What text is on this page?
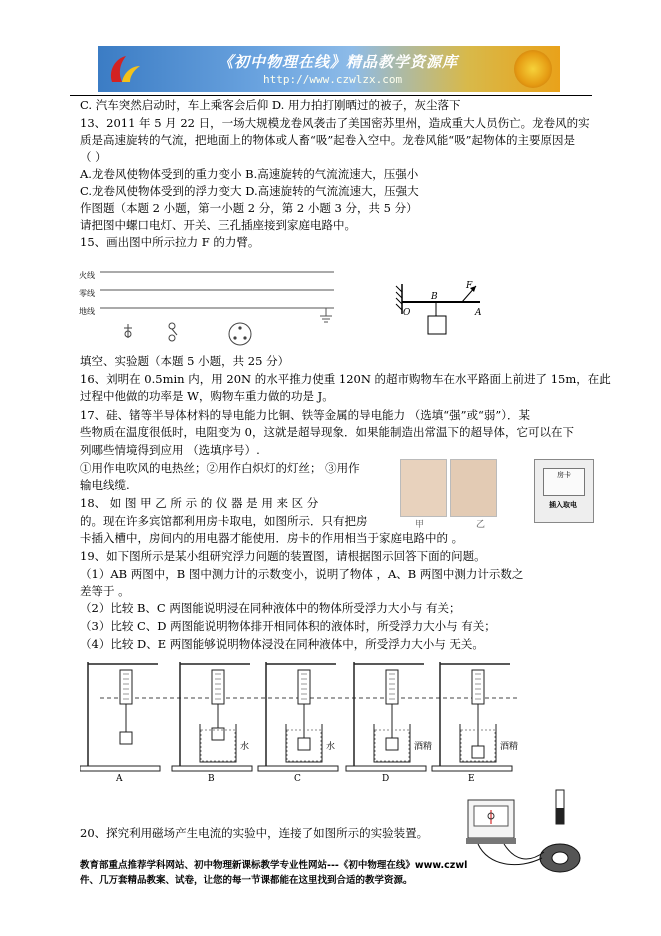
《初中物理在线》精品教学资源库
http://www.czwlzx.com
C. 汽车突然启动时，车上乘客会后仰 D. 用力拍打刚晒过的被子，灰尘落下
13、2011 年 5 月 22 日，一场大规模龙卷风袭击了美国密苏里州，造成重大人员伤亡。龙卷风的实
质是高速旋转的气流，把地面上的物体或人畜“吸”起卷入空中。龙卷风能“吸”起物体的主要原因是
（ ）
A.龙卷风使物体受到的重力变小 B.高速旋转的气流流速大，压强小
C.龙卷风使物体受到的浮力变大 D.高速旋转的气流流速大，压强大
作图题（本题 2 小题，第一小题 2 分，第 2 小题 3 分，共 5 分）
请把图中螺口电灯、开关、三孔插座接到家庭电路中。
15、画出图中所示拉力 F 的力臂。
火线
零线
地线	O
B
A
F
填空、实验题（本题 5 小题，共 25 分）
16、刘明在 0.5min 内，用 20N 的水平推力使重 120N 的超市购物车在水平路面上前进了 15m，在此
过程中他做的功率是 W，购物车重力做的功是 J。
17、硅、锗等半导体材料的导电能力比铜、铁等金属的导电能力 （选填“强”或“弱”）．某
些物质在温度很低时，电阻变为 0，这就是超导现象．如果能制造出常温下的超导体，它可以在下
列哪些情境得到应用 （选填序号）.
①用作电吹风的电热丝；②用作白炽灯的灯丝； ③用作
输电线缆.
18、 如 图 甲 乙 所 示 的 仪 器 是 用 来 区 分
的。现在许多宾馆都利用房卡取电，如图所示．只有把房
卡插入槽中，房间内的用电器才能使用．房卡的作用相当于家庭电路中的 。
甲	乙
房卡
插入取电
19、如下图所示是某小组研究浮力问题的装置图，请根据图示回答下面的问题。
（1）AB 两图中，B 图中测力计的示数变小，说明了物体 ，A、B 两图中测力计示数之
差等于 。
（2）比较 B、C 两图能说明浸在同种液体中的物体所受浮力大小与 有关；
（3）比较 C、D 两图能说明物体排开相同体积的液体时，所受浮力大小与 有关；
（4）比较 D、E 两图能够说明物体浸没在同种液体中，所受浮力大小与 无关。
A
水
B
水
C
酒精
D
酒精
E
20、探究利用磁场产生电流的实验中，连接了如图所示的实验装置。
教育部重点推荐学科网站、初中物理新课标教学专业性网站---《初中物理在线》www.czwl
件、几万套精品教案、试卷，让您的每一节课都能在这里找到合适的教学资源。
